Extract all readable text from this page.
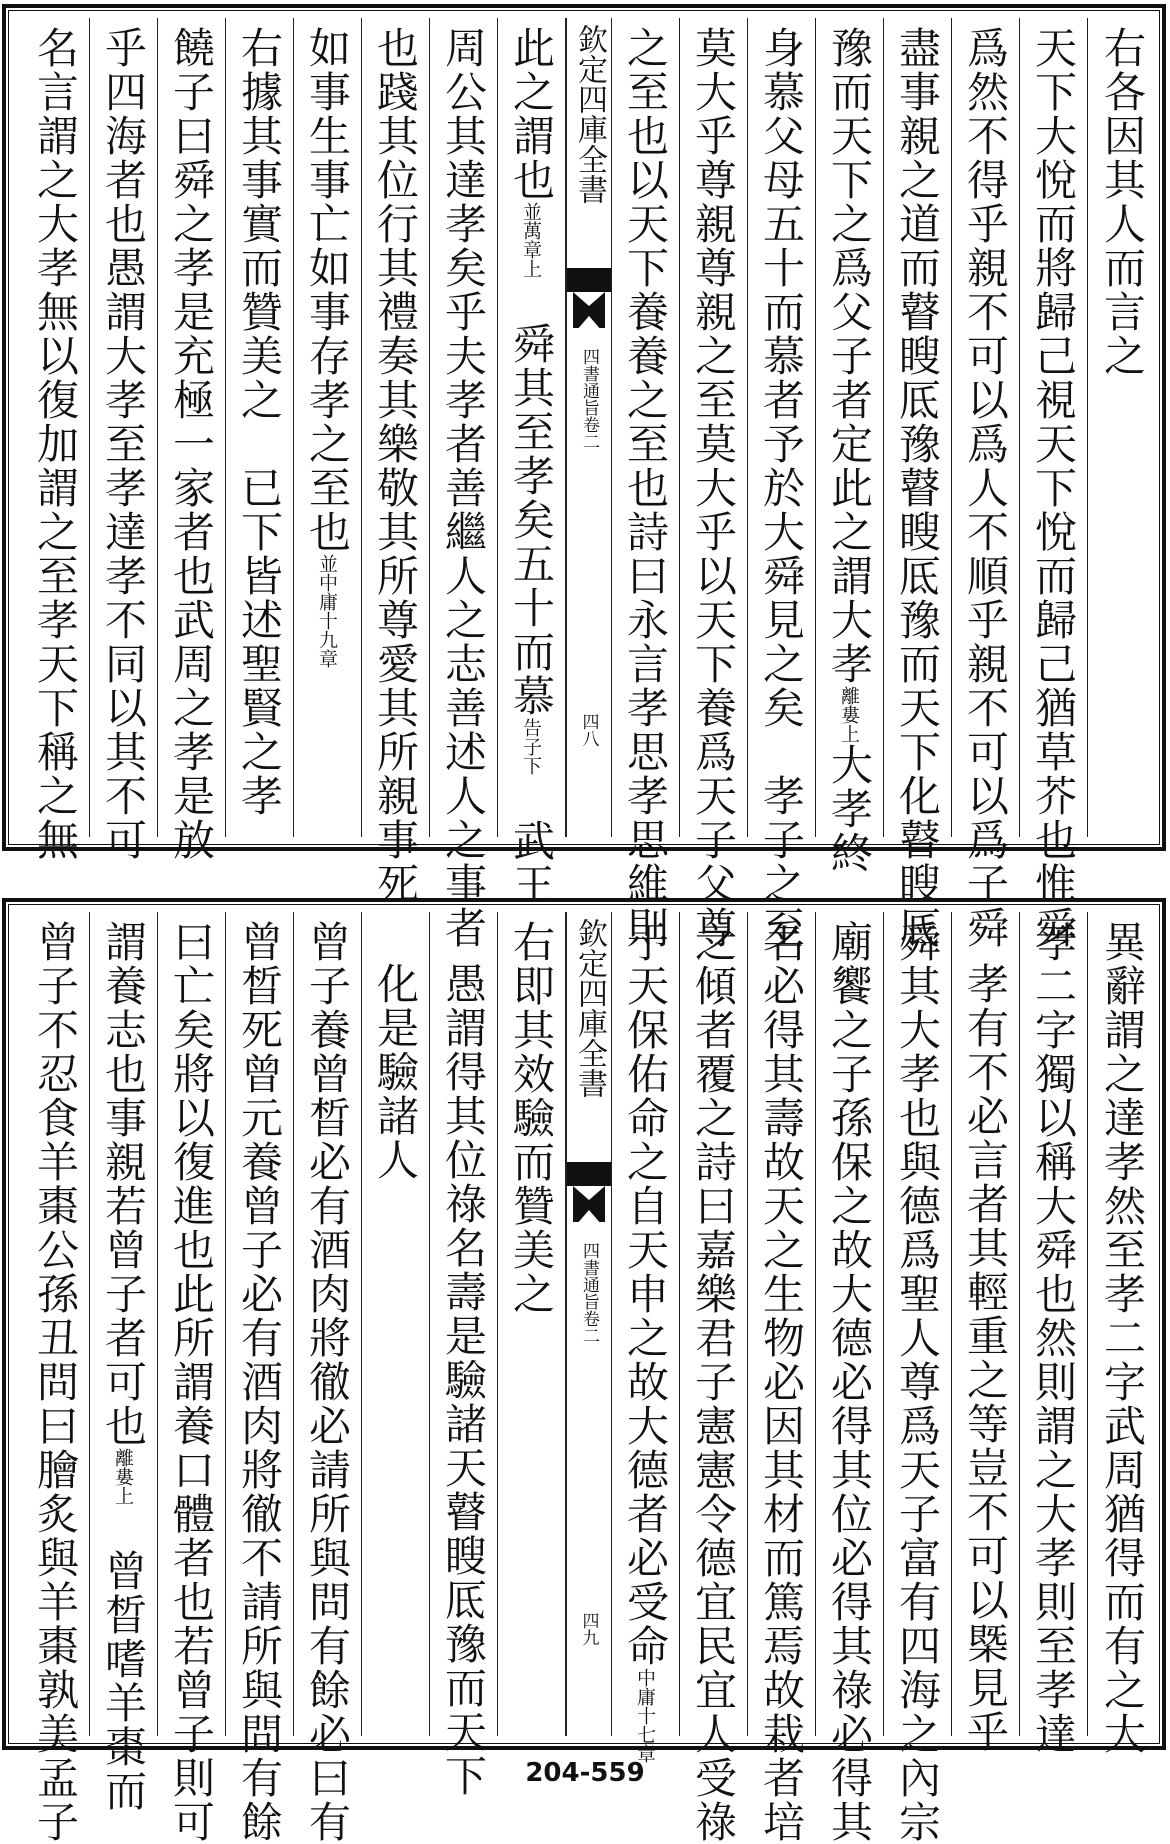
右各因其人而言之
天下大悅而將歸己視天下悅而歸己猶草芥也惟舜
爲然不得乎親不可以爲人不順乎親不可以爲子舜
盡事親之道而瞽瞍厎豫瞽瞍厎豫而天下化瞽瞍厎
豫而天下之爲父子者定此之謂大孝離婁上大孝終
身慕父母五十而慕者予於大舜見之矣　孝子之至
莫大乎尊親尊親之至莫大乎以天下養爲天子父尊
之至也以天下養養之至也詩曰永言孝思孝思維則
欽定四庫全書
四書通旨卷二
四八
此之謂也並萬章上　舜其至孝矣五十而慕告子下　武王
周公其達孝矣乎夫孝者善繼人之志善述人之事者
也踐其位行其禮奏其樂敬其所尊愛其所親事死
如事生事亡如事存孝之至也並中庸十九章
右據其事實而贊美之　已下皆述聖賢之孝
饒子曰舜之孝是充極一家者也武周之孝是放
乎四海者也愚謂大孝至孝達孝不同以其不可
名言謂之大孝無以復加謂之至孝天下稱之無
異辭謂之達孝然至孝二字武周猶得而有之大
孝二字獨以稱大舜也然則謂之大孝則至孝達
孝有不必言者其輕重之等豈不可以槩見乎
舜其大孝也與德爲聖人尊爲天子富有四海之內宗
廟饗之子孫保之故大德必得其位必得其祿必得其
名必得其壽故天之生物必因其材而篤焉故栽者培
之傾者覆之詩曰嘉樂君子憲憲令德宜民宜人受祿
于天保佑命之自天申之故大德者必受命中庸十七章
欽定四庫全書
四書通旨卷二
四九
右即其效驗而贊美之
愚謂得其位祿名壽是驗諸天瞽瞍厎豫而天下
化是驗諸人
曾子養曾晳必有酒肉將徹必請所與問有餘必曰有
曾晳死曾元養曾子必有酒肉將徹不請所與問有餘
曰亡矣將以復進也此所謂養口體者也若曾子則可
謂養志也事親若曾子者可也離婁上　曾晳嗜羊棗而
曾子不忍食羊棗公孫丑問曰膾炙與羊棗孰美孟子	204-559
